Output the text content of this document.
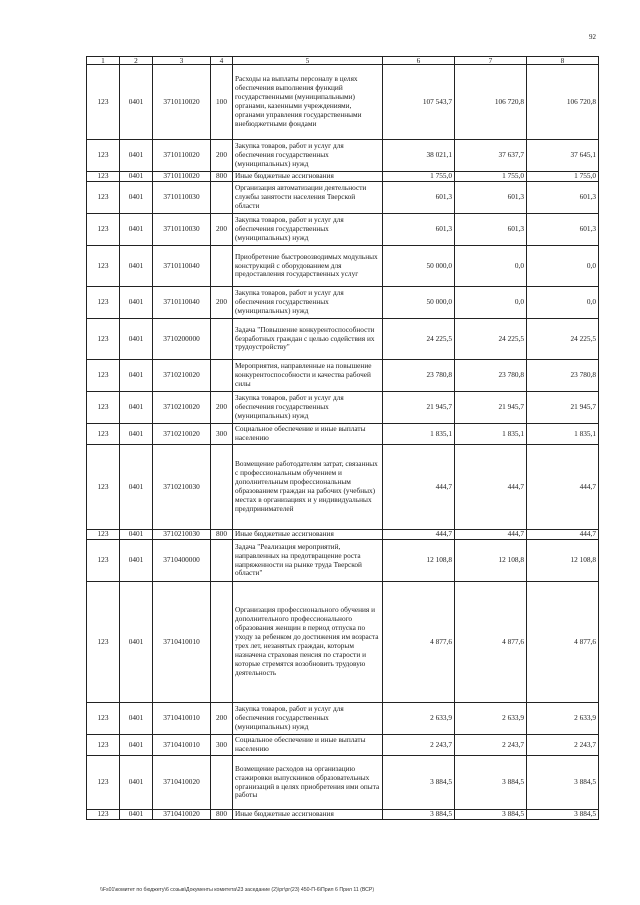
92
1	2	3	4	5	6	7	8
123	0401	3710110020	100	Расходы на выплаты персоналу в целях обеспечения выполнения функций государственными (муниципальными) органами, казенными учреждениями, органами управления государственными внебюджетными фондами	107 543,7	106 720,8	106 720,8
123	0401	3710110020	200	Закупка товаров, работ и услуг для обеспечения государственных (муниципальных) нужд	38 021,1	37 637,7	37 645,1
123	0401	3710110020	800	Иные бюджетные ассигнования	1 755,0	1 755,0	1 755,0
123	0401	3710110030		Организация автоматизации деятельности службы занятости населения Тверской области	601,3	601,3	601,3
123	0401	3710110030	200	Закупка товаров, работ и услуг для обеспечения государственных (муниципальных) нужд	601,3	601,3	601,3
123	0401	3710110040		Приобретение быстровозводимых модульных конструкций с оборудованием для предоставления государственных услуг	50 000,0	0,0	0,0
123	0401	3710110040	200	Закупка товаров, работ и услуг для обеспечения государственных (муниципальных) нужд	50 000,0	0,0	0,0
123	0401	3710200000		Задача "Повышение конкурентоспособности безработных граждан с целью содействия их трудоустройству"	24 225,5	24 225,5	24 225,5
123	0401	3710210020		Мероприятия, направленные на повышение конкурентоспособности и качества рабочей силы	23 780,8	23 780,8	23 780,8
123	0401	3710210020	200	Закупка товаров, работ и услуг для обеспечения государственных (муниципальных) нужд	21 945,7	21 945,7	21 945,7
123	0401	3710210020	300	Социальное обеспечение и иные выплаты населению	1 835,1	1 835,1	1 835,1
123	0401	3710210030		Возмещение работодателям затрат, связанных с профессиональным обучением и дополнительным профессиональным образованием граждан на рабочих (учебных) местах в организациях и у индивидуальных предпринимателей	444,7	444,7	444,7
123	0401	3710210030	800	Иные бюджетные ассигнования	444,7	444,7	444,7
123	0401	3710400000		Задача "Реализация мероприятий, направленных на предотвращение роста напряженности на рынке труда Тверской области"	12 108,8	12 108,8	12 108,8
123	0401	3710410010		Организация профессионального обучения и дополнительного профессионального образования женщин в период отпуска по уходу за ребенком до достижения им возраста трех лет, незанятых граждан, которым назначена страховая пенсия по старости и которые стремятся возобновить трудовую деятельность	4 877,6	4 877,6	4 877,6
123	0401	3710410010	200	Закупка товаров, работ и услуг для обеспечения государственных (муниципальных) нужд	2 633,9	2 633,9	2 633,9
123	0401	3710410010	300	Социальное обеспечение и иные выплаты населению	2 243,7	2 243,7	2 243,7
123	0401	3710410020		Возмещение расходов на организацию стажировки выпускников образовательных организаций в целях приобретения ими опыта работы	3 884,5	3 884,5	3 884,5
123	0401	3710410020	800	Иные бюджетные ассигнования	3 884,5	3 884,5	3 884,5
\\Fs01\комитет по бюджету\6 созыв\Документы комитета\23 заседание (2)\рг\рг(23) 450-П-6\Прил 6 Прил 11 (ВСР)
